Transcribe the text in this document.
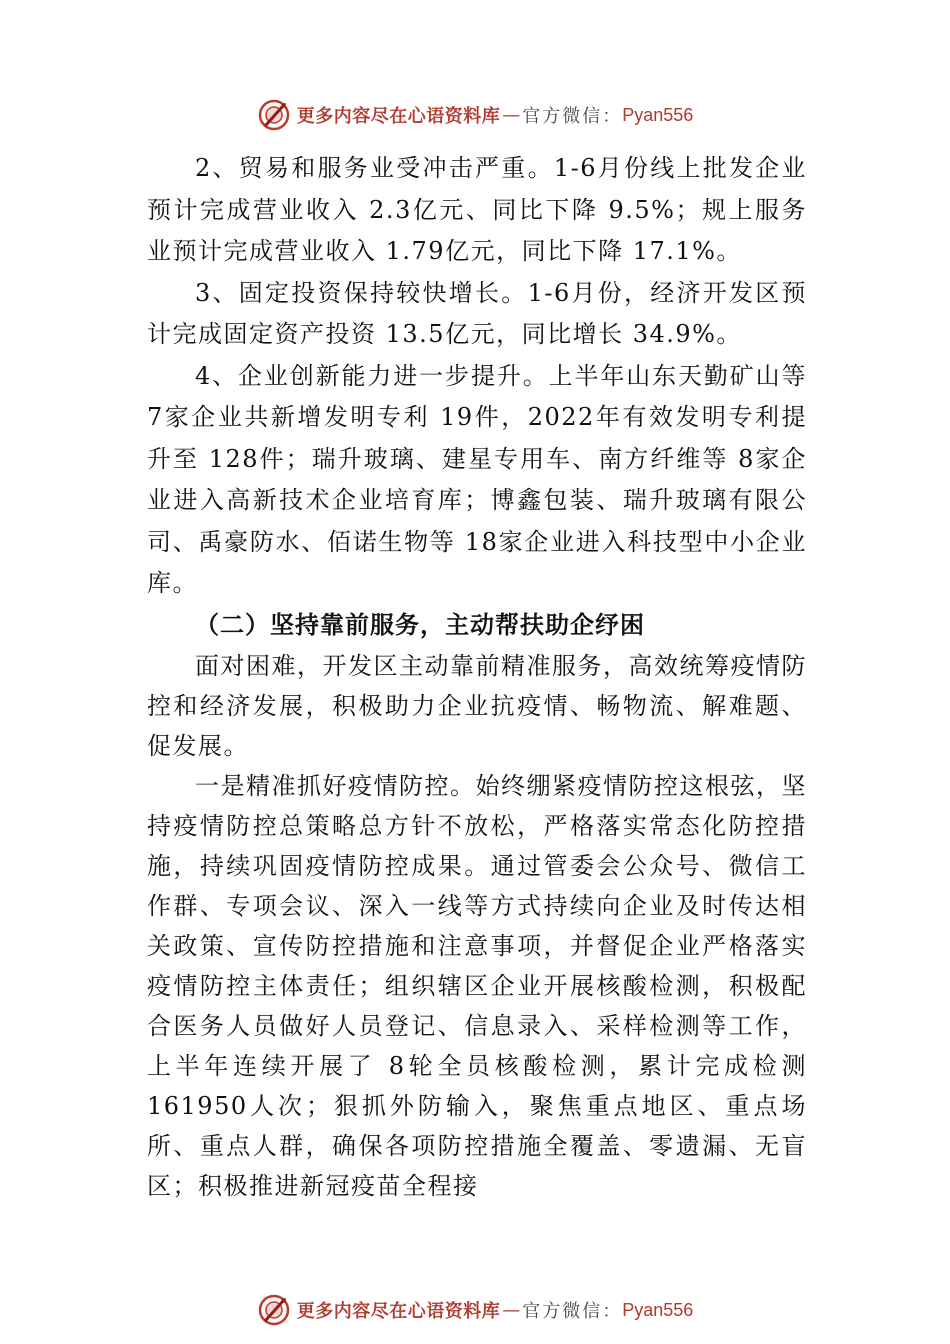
更多内容尽在心语资料库 — 官方微信： Pyan556

2、贸易和服务业受冲击严重。1-6月份线上批发企业预计完成营业收入 2.3亿元、同比下降 9.5%；规上服务业预计完成营业收入 1.79亿元，同比下降 17.1%。

3、固定投资保持较快增长。1-6月份，经济开发区预计完成固定资产投资 13.5亿元，同比增长 34.9%。

4、企业创新能力进一步提升。上半年山东天勤矿山等 7家企业共新增发明专利 19件，2022年有效发明专利提升至 128件；瑞升玻璃、建星专用车、南方纤维等 8家企业进入高新技术企业培育库；博鑫包装、瑞升玻璃有限公司、禹豪防水、佰诺生物等 18家企业进入科技型中小企业库。

（二）坚持靠前服务，主动帮扶助企纾困

面对困难，开发区主动靠前精准服务，高效统筹疫情防控和经济发展，积极助力企业抗疫情、畅物流、解难题、促发展。

一是精准抓好疫情防控。始终绷紧疫情防控这根弦，坚持疫情防控总策略总方针不放松，严格落实常态化防控措施，持续巩固疫情防控成果。通过管委会公众号、微信工作群、专项会议、深入一线等方式持续向企业及时传达相关政策、宣传防控措施和注意事项，并督促企业严格落实疫情防控主体责任；组织辖区企业开展核酸检测，积极配合医务人员做好人员登记、信息录入、采样检测等工作，上半年连续开展了 8轮全员核酸检测，累计完成检测 161950人次；狠抓外防输入，聚焦重点地区、重点场所、重点人群，确保各项防控措施全覆盖、零遗漏、无盲区；积极推进新冠疫苗全程接

更多内容尽在心语资料库 — 官方微信： Pyan556
